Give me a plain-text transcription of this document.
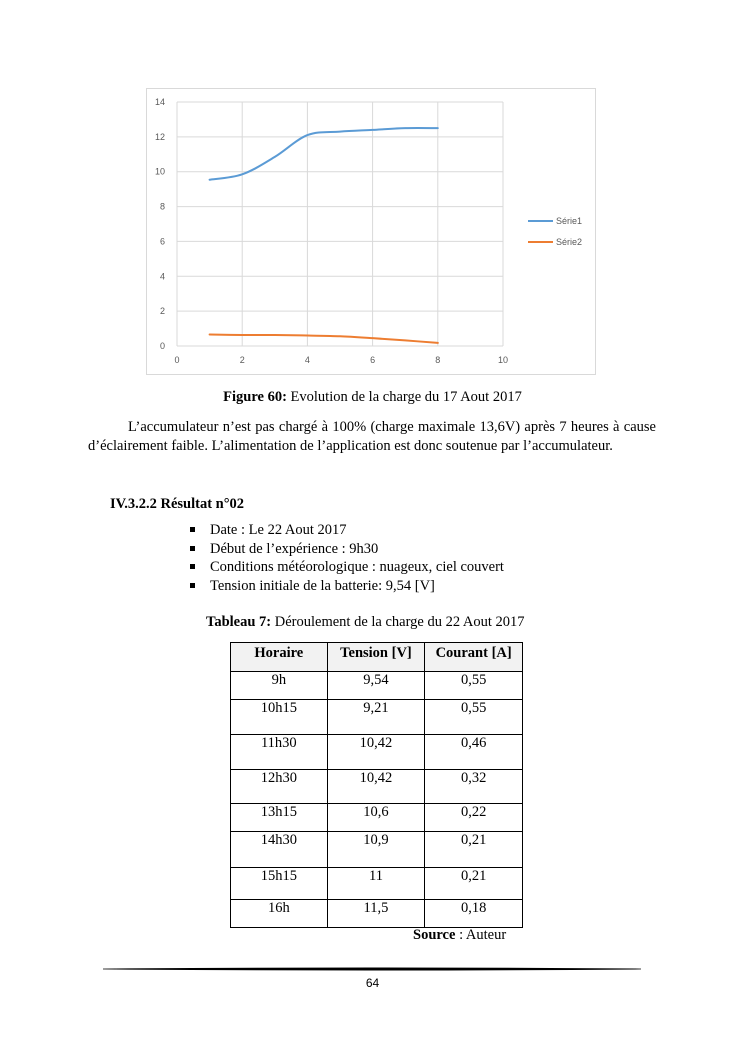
0
2
4
6
8
10
12
14
0	2	4	6	8	10
Série1
Série2
Figure 60: Evolution de la charge du 17 Aout 2017

L’accumulateur n’est pas chargé à 100% (charge maximale 13,6V) après 7 heures à cause d’éclairement faible. L’alimentation de l’application est donc soutenue par l’accumulateur.

IV.3.2.2 Résultat n°02
Date : Le 22 Aout 2017
Début de l’expérience : 9h30
Conditions météorologique : nuageux, ciel couvert
Tension initiale de la batterie: 9,54 [V]
Tableau 7: Déroulement de la charge du 22 Aout 2017
Horaire	Tension [V]	Courant [A]
9h	9,54	0,55
10h15	9,21	0,55
11h30	10,42	0,46
12h30	10,42	0,32
13h15	10,6	0,22
14h30	10,9	0,21
15h15	11	0,21
16h	11,5	0,18
Source : Auteur
64
